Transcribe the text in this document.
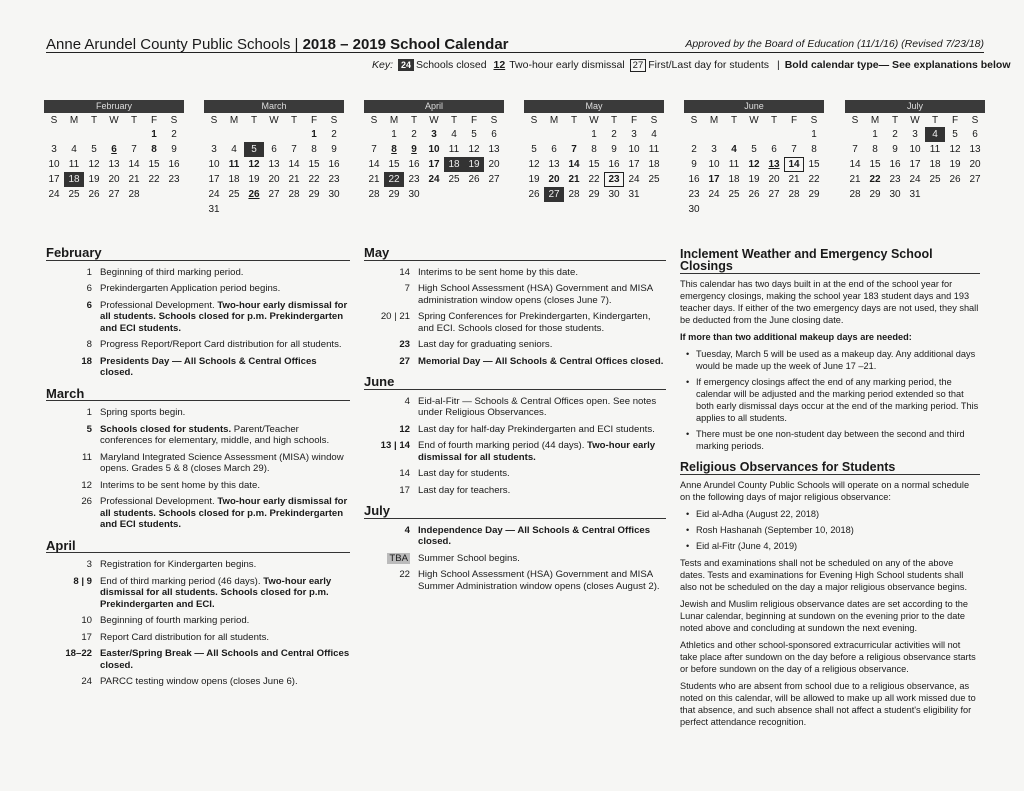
Anne Arundel County Public Schools | 2018 – 2019 School Calendar	Approved by the Board of Education (11/1/16) (Revised 7/23/18)
Key: 24 Schools closed 12 Two-hour early dismissal 27 First/Last day for students | Bold calendar type— See explanations below
February
S	M	T	W	T	F	S
					1	2
3	4	5	6	7	8	9
10	11	12	13	14	15	16
17	18	19	20	21	22	23
24	25	26	27	28		
March
S	M	T	W	T	F	S
					1	2
3	4	5	6	7	8	9
10	11	12	13	14	15	16
17	18	19	20	21	22	23
24	25	26	27	28	29	30
31						
April
S	M	T	W	T	F	S
	1	2	3	4	5	6
7	8	9	10	11	12	13
14	15	16	17	18	19	20
21	22	23	24	25	26	27
28	29	30				
May
S	M	T	W	T	F	S
			1	2	3	4
5	6	7	8	9	10	11
12	13	14	15	16	17	18
19	20	21	22	23	24	25
26	27	28	29	30	31	
June
S	M	T	W	T	F	S
						1
2	3	4	5	6	7	8
9	10	11	12	13	14	15
16	17	18	19	20	21	22
23	24	25	26	27	28	29
30						
July
S	M	T	W	T	F	S
	1	2	3	4	5	6
7	8	9	10	11	12	13
14	15	16	17	18	19	20
21	22	23	24	25	26	27
28	29	30	31			
February
1 Beginning of third marking period.
6 Prekindergarten Application period begins.
6 Professional Development. Two-hour early dismissal for all students. Schools closed for p.m. Prekindergarten and ECI students.
8 Progress Report/Report Card distribution for all students.
18 Presidents Day — All Schools & Central Offices closed.
March
1 Spring sports begin.
5 Schools closed for students. Parent/Teacher conferences for elementary, middle, and high schools.
11 Maryland Integrated Science Assessment (MISA) window opens. Grades 5 & 8 (closes March 29).
12 Interims to be sent home by this date.
26 Professional Development. Two-hour early dismissal for all students. Schools closed for p.m. Prekindergarten and ECI students.
April
3 Registration for Kindergarten begins.
8 | 9 End of third marking period (46 days). Two-hour early dismissal for all students. Schools closed for p.m. Prekindergarten and ECI.
10 Beginning of fourth marking period.
17 Report Card distribution for all students.
18–22 Easter/Spring Break — All Schools and Central Offices closed.
24 PARCC testing window opens (closes June 6).
May
14 Interims to be sent home by this date.
7 High School Assessment (HSA) Government and MISA administration window opens (closes June 7).
20 | 21 Spring Conferences for Prekindergarten, Kindergarten, and ECI. Schools closed for those students.
23 Last day for graduating seniors.
27 Memorial Day — All Schools & Central Offices closed.
June
4 Eid-al-Fitr — Schools & Central Offices open. See notes under Religious Observances.
12 Last day for half-day Prekindergarten and ECI students.
13 | 14 End of fourth marking period (44 days). Two-hour early dismissal for all students.
14 Last day for students.
17 Last day for teachers.
July
4 Independence Day — All Schools & Central Offices closed.
TBA	Summer School begins.
22 High School Assessment (HSA) Government and MISA Summer Administration window opens (closes August 2).
Inclement Weather and Emergency School Closings

This calendar has two days built in at the end of the school year for emergency closings, making the school year 183 student days and 193 teacher days. If either of the two emergency days are not used, they shall be deducted from the June closing date.

If more than two additional makeup days are needed:

• Tuesday, March 5 will be used as a makeup day. Any additional days would be made up the week of June 17 –21.
• If emergency closings affect the end of any marking period, the calendar will be adjusted and the marking period extended so that both early dismissal days occur at the end of the marking period. This applies to all students.
• There must be one non-student day between the second and third marking periods.
Religious Observances for Students

Anne Arundel County Public Schools will operate on a normal schedule on the following days of major religious observance:

• Eid al-Adha (August 22, 2018)
• Rosh Hashanah (September 10, 2018)
• Eid al-Fitr (June 4, 2019)

Tests and examinations shall not be scheduled on any of the above dates. Tests and examinations for Evening High School students shall also not be scheduled on the day a major religious observance begins.

Jewish and Muslim religious observance dates are set according to the Lunar calendar, beginning at sundown on the evening prior to the date noted above and concluding at sundown the next evening.

Athletics and other school-sponsored extracurricular activities will not take place after sundown on the day before a religious observance starts or before sundown on the day of a religious observance.

Students who are absent from school due to a religious observance, as noted on this calendar, will be allowed to make up all work missed due to that absence, and such absence shall not affect a student's eligibility for perfect attendance recognition.
